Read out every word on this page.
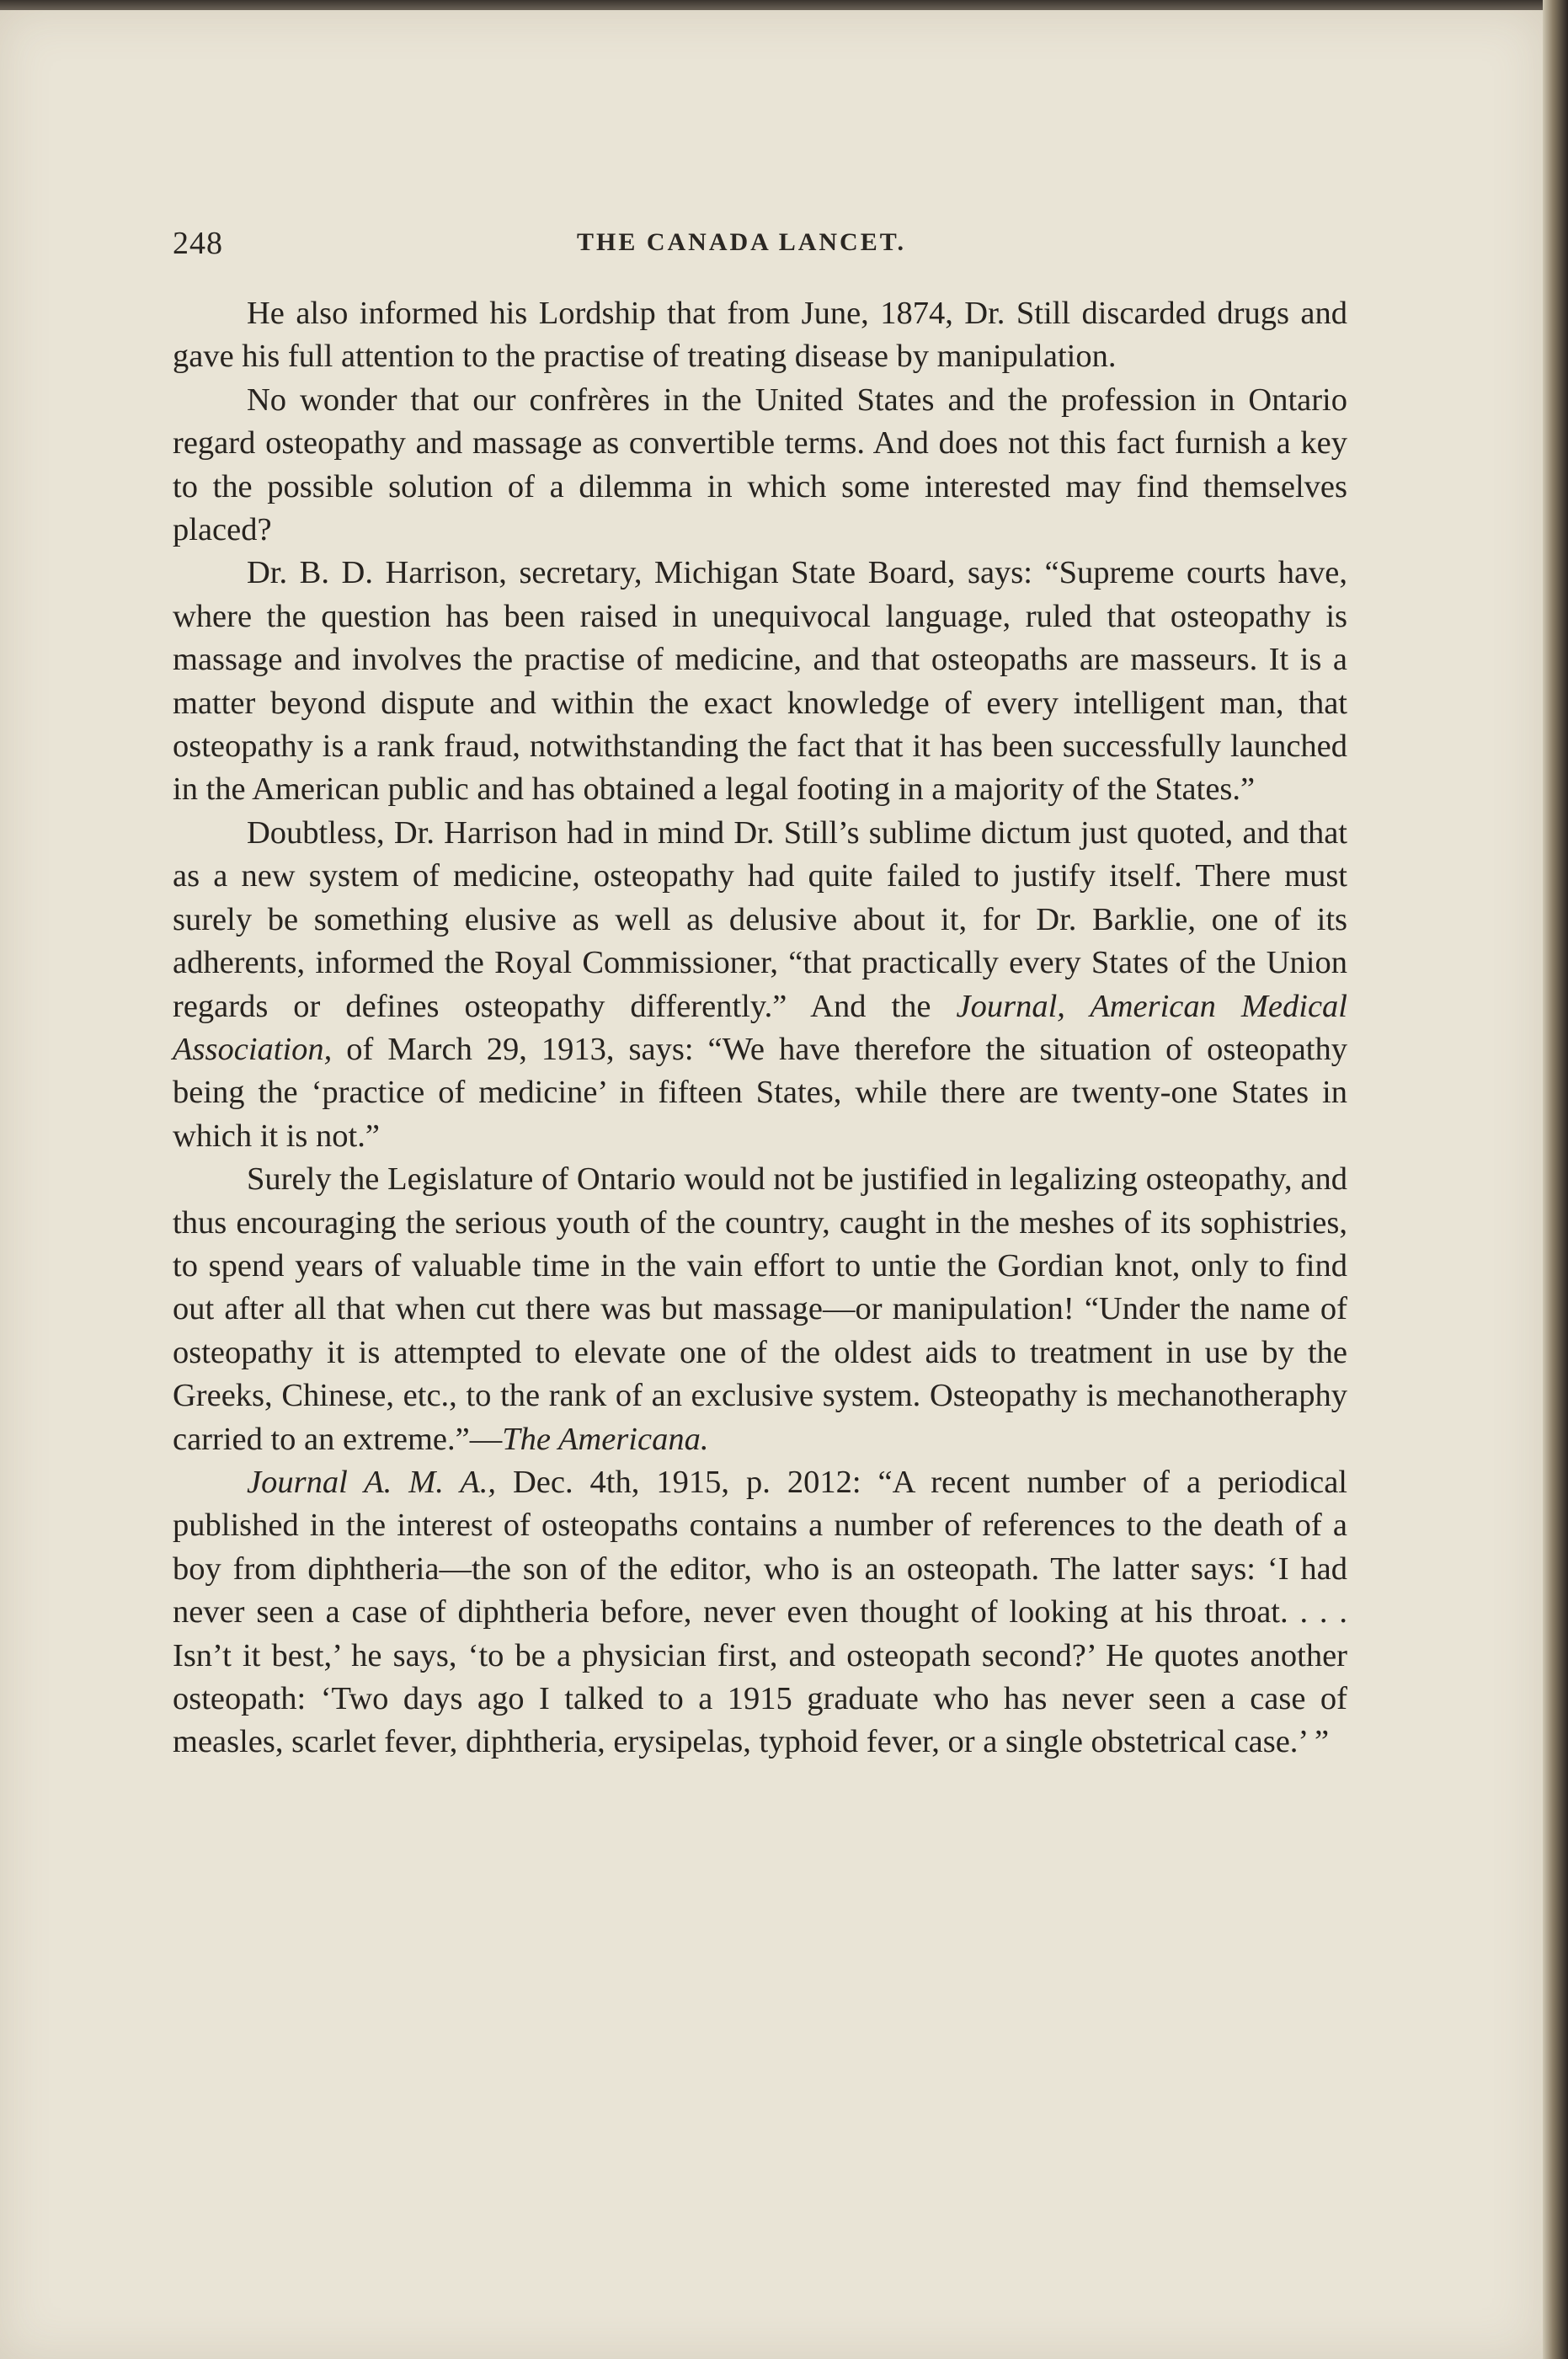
248	THE CANADA LANCET.

He also informed his Lordship that from June, 1874, Dr. Still discarded drugs and gave his full attention to the practise of treating disease by manipulation.

No wonder that our confrères in the United States and the profession in Ontario regard osteopathy and massage as convertible terms. And does not this fact furnish a key to the possible solution of a dilemma in which some interested may find themselves placed?

Dr. B. D. Harrison, secretary, Michigan State Board, says: “Supreme courts have, where the question has been raised in unequivocal language, ruled that osteopathy is massage and involves the practise of medicine, and that osteopaths are masseurs. It is a matter beyond dispute and within the exact knowledge of every intelligent man, that osteopathy is a rank fraud, notwithstanding the fact that it has been successfully launched in the American public and has obtained a legal footing in a majority of the States.”

Doubtless, Dr. Harrison had in mind Dr. Still’s sublime dictum just quoted, and that as a new system of medicine, osteopathy had quite failed to justify itself. There must surely be something elusive as well as delusive about it, for Dr. Barklie, one of its adherents, informed the Royal Commissioner, “that practically every States of the Union regards or defines osteopathy differently.” And the Journal, American Medical Association, of March 29, 1913, says: “We have therefore the situation of osteopathy being the ‘practice of medicine’ in fifteen States, while there are twenty-one States in which it is not.”

Surely the Legislature of Ontario would not be justified in legalizing osteopathy, and thus encouraging the serious youth of the country, caught in the meshes of its sophistries, to spend years of valuable time in the vain effort to untie the Gordian knot, only to find out after all that when cut there was but massage—or manipulation! “Under the name of osteopathy it is attempted to elevate one of the oldest aids to treatment in use by the Greeks, Chinese, etc., to the rank of an exclusive system. Osteopathy is mechanotheraphy carried to an extreme.”—The Americana.

Journal A. M. A., Dec. 4th, 1915, p. 2012: “A recent number of a periodical published in the interest of osteopaths contains a number of references to the death of a boy from diphtheria—the son of the editor, who is an osteopath. The latter says: ‘I had never seen a case of diphtheria before, never even thought of looking at his throat. . . . Isn’t it best,’ he says, ‘to be a physician first, and osteopath second?’ He quotes another osteopath: ‘Two days ago I talked to a 1915 graduate who has never seen a case of measles, scarlet fever, diphtheria, erysipelas, typhoid fever, or a single obstetrical case.’ ”
